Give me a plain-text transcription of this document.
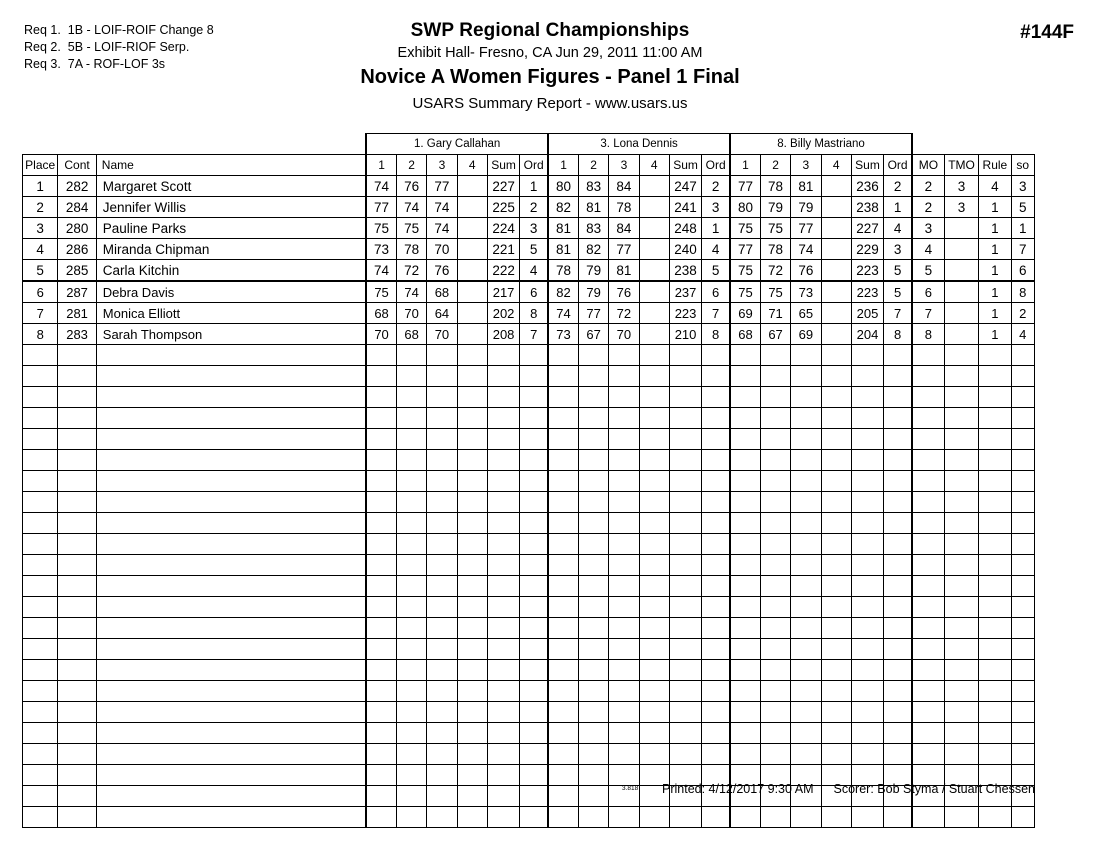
Req 1.  1B - LOIF-ROIF Change 8
Req 2.  5B - LOIF-RIOF Serp.
Req 3.  7A - ROF-LOF 3s
#144F
SWP Regional Championships
Exhibit Hall- Fresno, CA Jun 29, 2011 11:00 AM
Novice A Women Figures - Panel 1 Final
USARS Summary Report - www.usars.us
			1. Gary Callahan						3. Lona Dennis						8. Billy Mastriano									
Place	Cont	Name	1	2	3	4	Sum	Ord	1	2	3	4	Sum	Ord	1	2	3	4	Sum	Ord	MO	TMO	Rule	so
1	282	Margaret Scott	74	76	77		227	1	80	83	84		247	2	77	78	81		236	2	2	3	4	3
2	284	Jennifer Willis	77	74	74		225	2	82	81	78		241	3	80	79	79		238	1	2	3	1	5
3	280	Pauline Parks	75	75	74		224	3	81	83	84		248	1	75	75	77		227	4	3		1	1
4	286	Miranda Chipman	73	78	70		221	5	81	82	77		240	4	77	78	74		229	3	4		1	7
5	285	Carla Kitchin	74	72	76		222	4	78	79	81		238	5	75	72	76		223	5	5		1	6
6	287	Debra Davis	75	74	68		217	6	82	79	76		237	6	75	75	73		223	5	6		1	8
7	281	Monica Elliott	68	70	64		202	8	74	77	72		223	7	69	71	65		205	7	7		1	2
8	283	Sarah Thompson	70	68	70		208	7	73	67	70		210	8	68	67	69		204	8	8		1	4

3.818 Printed: 4/12/2017 9:30 AM Scorer: Bob Styma / Stuart Chessen
